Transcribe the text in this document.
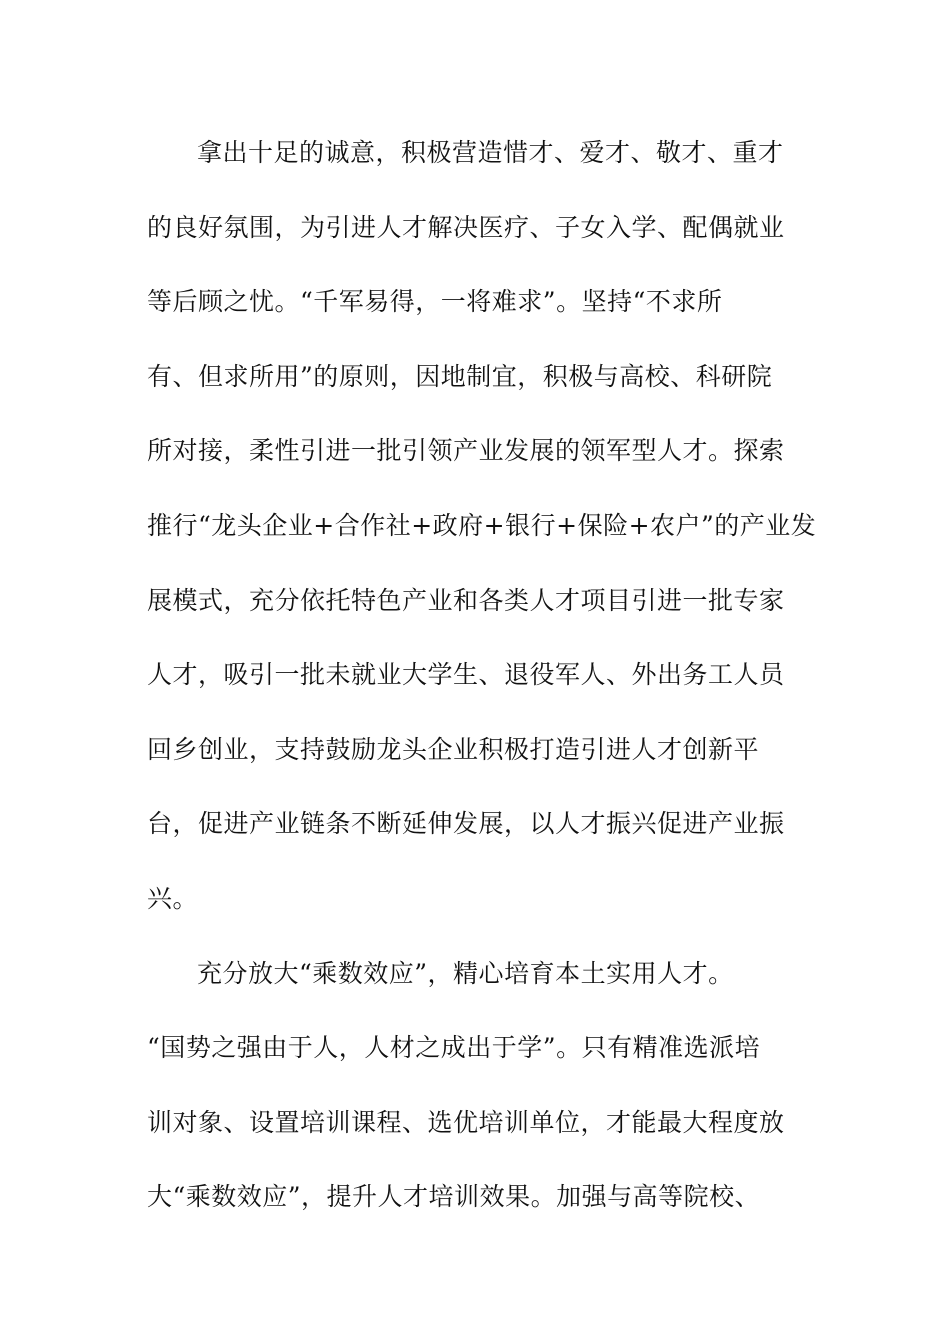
拿出十足的诚意，积极营造惜才、爱才、敬才、重才
的良好氛围，为引进人才解决医疗、子女入学、配偶就业
等后顾之忧。“千军易得，一将难求”。坚持“不求所
有、但求所用”的原则，因地制宜，积极与高校、科研院
所对接，柔性引进一批引领产业发展的领军型人才。探索
推行“龙头企业+合作社+政府+银行+保险+农户”的产业发
展模式，充分依托特色产业和各类人才项目引进一批专家
人才，吸引一批未就业大学生、退役军人、外出务工人员
回乡创业，支持鼓励龙头企业积极打造引进人才创新平
台，促进产业链条不断延伸发展，以人才振兴促进产业振
兴。
充分放大“乘数效应”，精心培育本土实用人才。
“国势之强由于人，人材之成出于学”。只有精准选派培
训对象、设置培训课程、选优培训单位，才能最大程度放
大“乘数效应”，提升人才培训效果。加强与高等院校、
